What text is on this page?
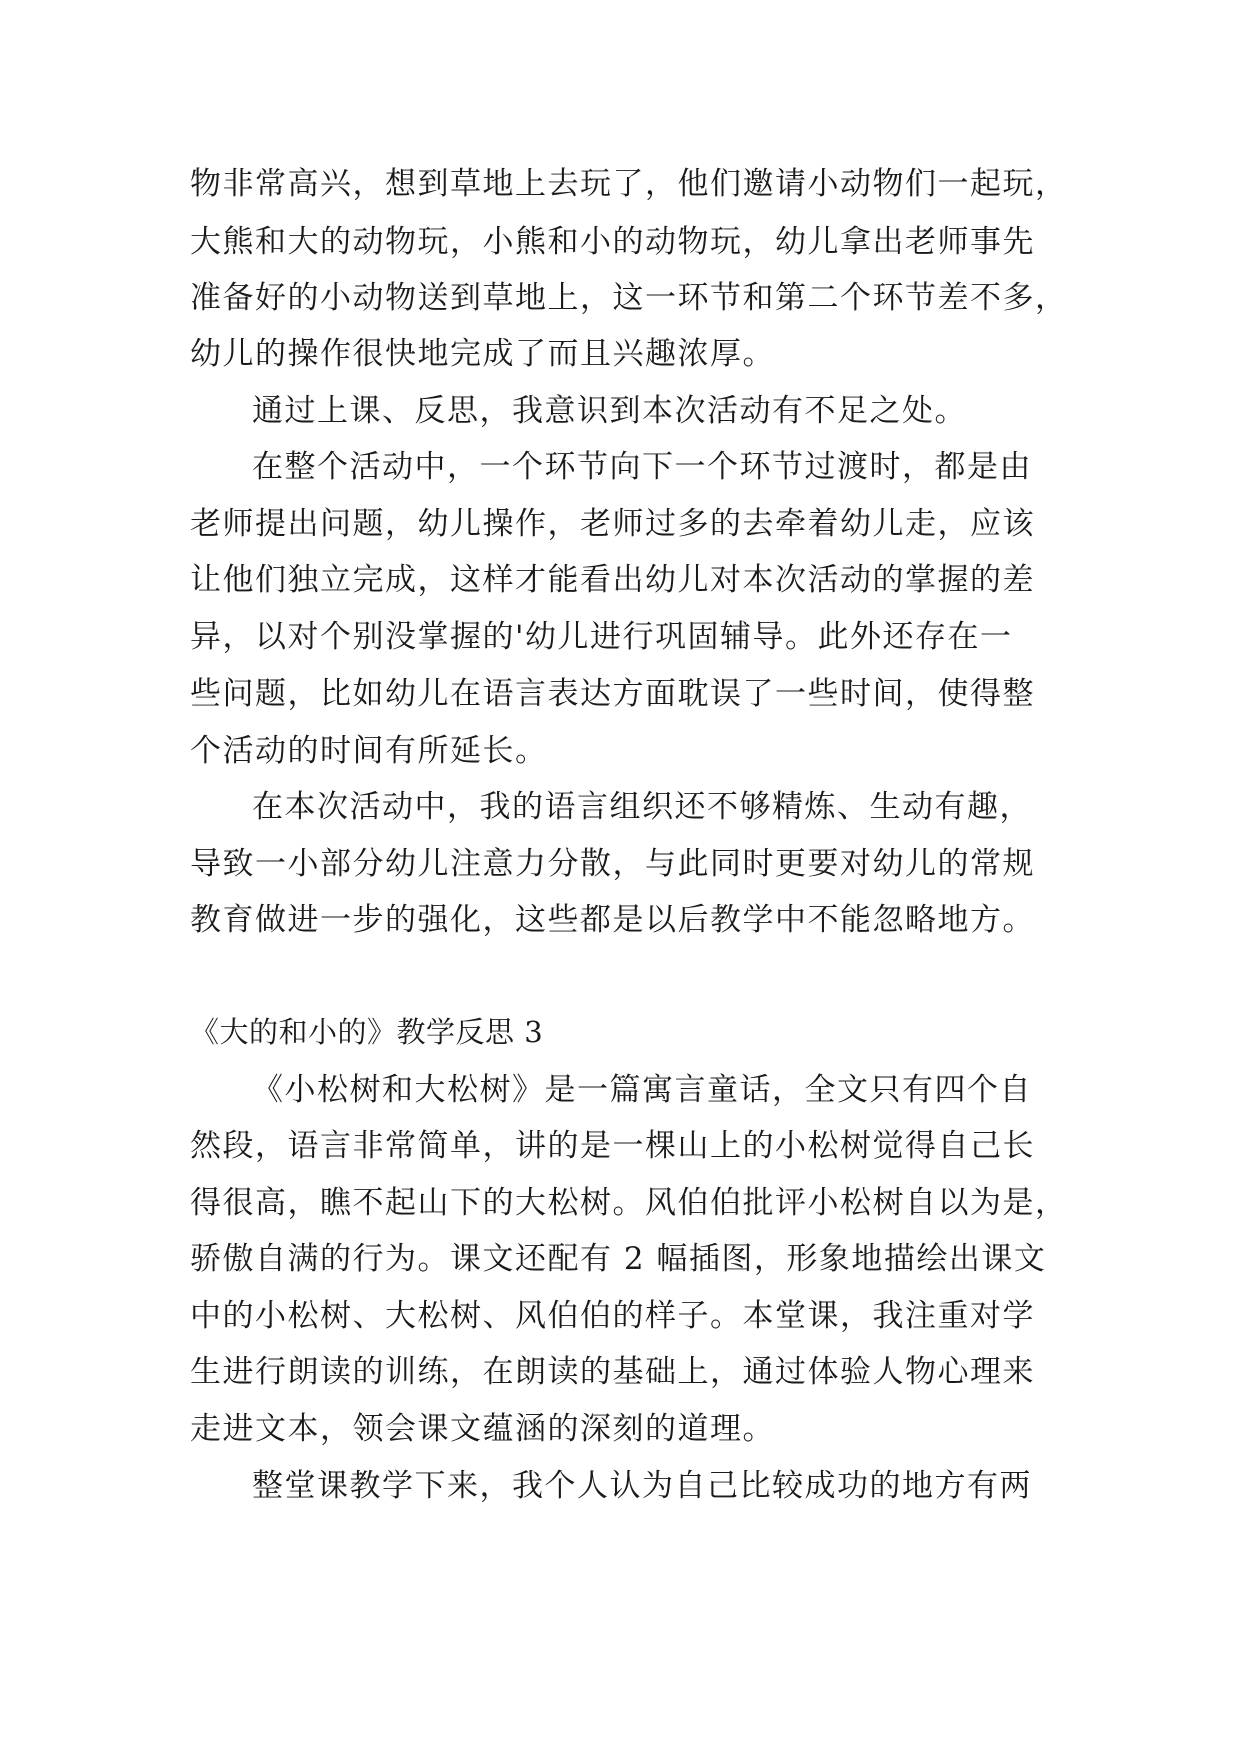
物非常高兴，想到草地上去玩了，他们邀请小动物们一起玩，
大熊和大的动物玩，小熊和小的动物玩，幼儿拿出老师事先
准备好的小动物送到草地上，这一环节和第二个环节差不多，
幼儿的操作很快地完成了而且兴趣浓厚。
通过上课、反思，我意识到本次活动有不足之处。
在整个活动中，一个环节向下一个环节过渡时，都是由
老师提出问题，幼儿操作，老师过多的去牵着幼儿走，应该
让他们独立完成，这样才能看出幼儿对本次活动的掌握的差
异，以对个别没掌握的'幼儿进行巩固辅导。此外还存在一
些问题，比如幼儿在语言表达方面耽误了一些时间，使得整
个活动的时间有所延长。
在本次活动中，我的语言组织还不够精炼、生动有趣，
导致一小部分幼儿注意力分散，与此同时更要对幼儿的常规
教育做进一步的强化，这些都是以后教学中不能忽略地方。
《大的和小的》教学反思 3
《小松树和大松树》是一篇寓言童话，全文只有四个自
然段，语言非常简单，讲的是一棵山上的小松树觉得自己长
得很高，瞧不起山下的大松树。风伯伯批评小松树自以为是，
骄傲自满的行为。课文还配有 2 幅插图，形象地描绘出课文
中的小松树、大松树、风伯伯的样子。本堂课，我注重对学
生进行朗读的训练，在朗读的基础上，通过体验人物心理来
走进文本，领会课文蕴涵的深刻的道理。
整堂课教学下来，我个人认为自己比较成功的地方有两
